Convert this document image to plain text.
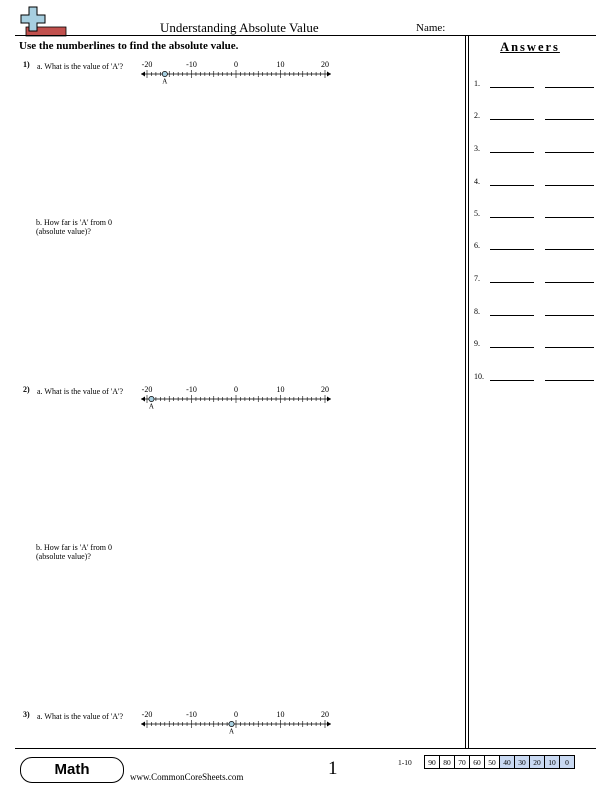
Understanding Absolute Value	Name:
Use the numberlines to find the absolute value.
1) a. What is the value of 'A'? -20	-10	0	10	20
A
b. How far is 'A' from 0
(absolute value)?
2) a. What is the value of 'A'? -20	-10	0	10	20
A
b. How far is 'A' from 0
(absolute value)?
3) a. What is the value of 'A'? -20	-10	0	10	20
A
Answers
1.
2.
3.
4.
5.
6.
7.
8.
9.
10.
Math	www.CommonCoreSheets.com	1	1-10 90	80	70	60	50	40	30	20	10	0
